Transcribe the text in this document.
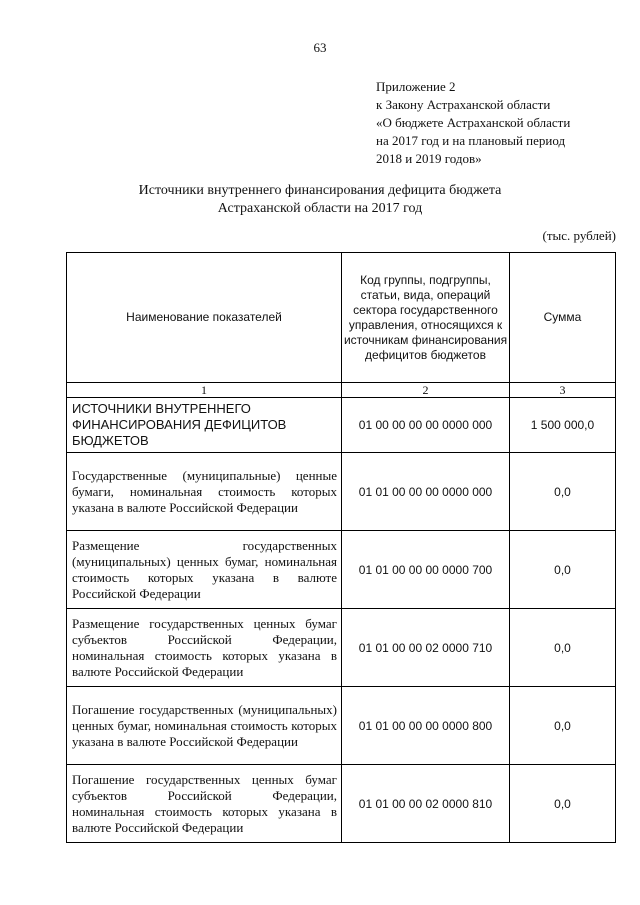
63
Приложение 2
к Закону Астраханской области
«О бюджете Астраханской области
на 2017 год и на плановый период
2018 и 2019 годов»
Источники внутреннего финансирования дефицита бюджета
Астраханской области на 2017 год
(тыс. рублей)
Наименование показателей	Код группы, подгруппы, статьи, вида, операций сектора государственного управления, относящихся к источникам финансирования дефицитов бюджетов	Сумма
1	2	3
ИСТОЧНИКИ ВНУТРЕННЕГО ФИНАНСИРОВАНИЯ ДЕФИЦИТОВ БЮДЖЕТОВ	01 00 00 00 00 0000 000	1 500 000,0
Государственные (муниципальные) ценные бумаги, номинальная стоимость которых указана в валюте Российской Федерации	01 01 00 00 00 0000 000	0,0
Размещение государственных (муниципальных) ценных бумаг, номинальная стоимость которых указана в валюте Российской Федерации	01 01 00 00 00 0000 700	0,0
Размещение государственных ценных бумаг субъектов Российской Федерации, номинальная стоимость которых указана в валюте Российской Федерации	01 01 00 00 02 0000 710	0,0
Погашение государственных (муниципальных) ценных бумаг, номинальная стоимость которых указана в валюте Российской Федерации	01 01 00 00 00 0000 800	0,0
Погашение государственных ценных бумаг субъектов Российской Федерации, номинальная стоимость которых указана в валюте Российской Федерации	01 01 00 00 02 0000 810	0,0
